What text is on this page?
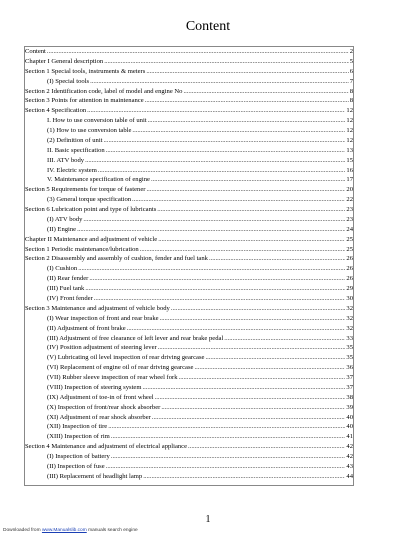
Content
Content .....	2
Chapter I General description .....	5
Section 1 Special tools, instruments & meters .....	6
(I) Special tools .....	7
Section 2 Identification code, label of model and engine No .....	8
Section 3 Points for attention in maintenance .....	8
Section 4 Specification .....	12
I. How to use conversion table of unit .....	12
(1) How to use conversion table .....	12
(2) Definition of unit .....	12
II. Basic specification .....	13
III. ATV body .....	15
IV. Electric system .....	16
V. Maintenance specification of engine .....	17
Section 5 Requirements for torque of fastener .....	20
(3) General torque specification .....	22
Section 6 Lubrication point and type of lubricants .....	23
(I) ATV body .....	23
(II) Engine .....	24
Chapter II Maintenance and adjustment of vehicle .....	25
Section 1 Periodic maintenance/lubrication .....	25
Section 2 Disassembly and assembly of cushion, fender and fuel tank .....	26
(I) Cushion .....	26
(II) Rear fender .....	26
(III) Fuel tank .....	29
(IV) Front fender .....	30
Section 3 Maintenance and adjustment of vehicle body .....	32
(I) Wear inspection of front and rear brake .....	32
(II) Adjustment of front brake .....	32
(III) Adjustment of free clearance of left lever and rear brake pedal .....	33
(IV) Position adjustment of steering lever .....	35
(V) Lubricating oil level inspection of rear driving gearcase .....	35
(VI) Replacement of engine oil of rear driving gearcase .....	36
(VII) Rubber sleeve inspection of rear wheel fork .....	37
(VIII) Inspection of steering system .....	37
(IX) Adjustment of toe-in of front wheel .....	38
(X) Inspection of front/rear shock absorber .....	39
(XI) Adjustment of rear shock absorber .....	40
(XII) Inspection of tire .....	40
(XIII) Inspection of rim .....	41
Section 4 Maintenance and adjustment of electrical appliance .....	42
(I) Inspection of battery .....	42
(II) Inspection of fuse .....	43
(III) Replacement of headlight lamp .....	44
1
Downloaded from www.Manualslib.com manuals search engine
